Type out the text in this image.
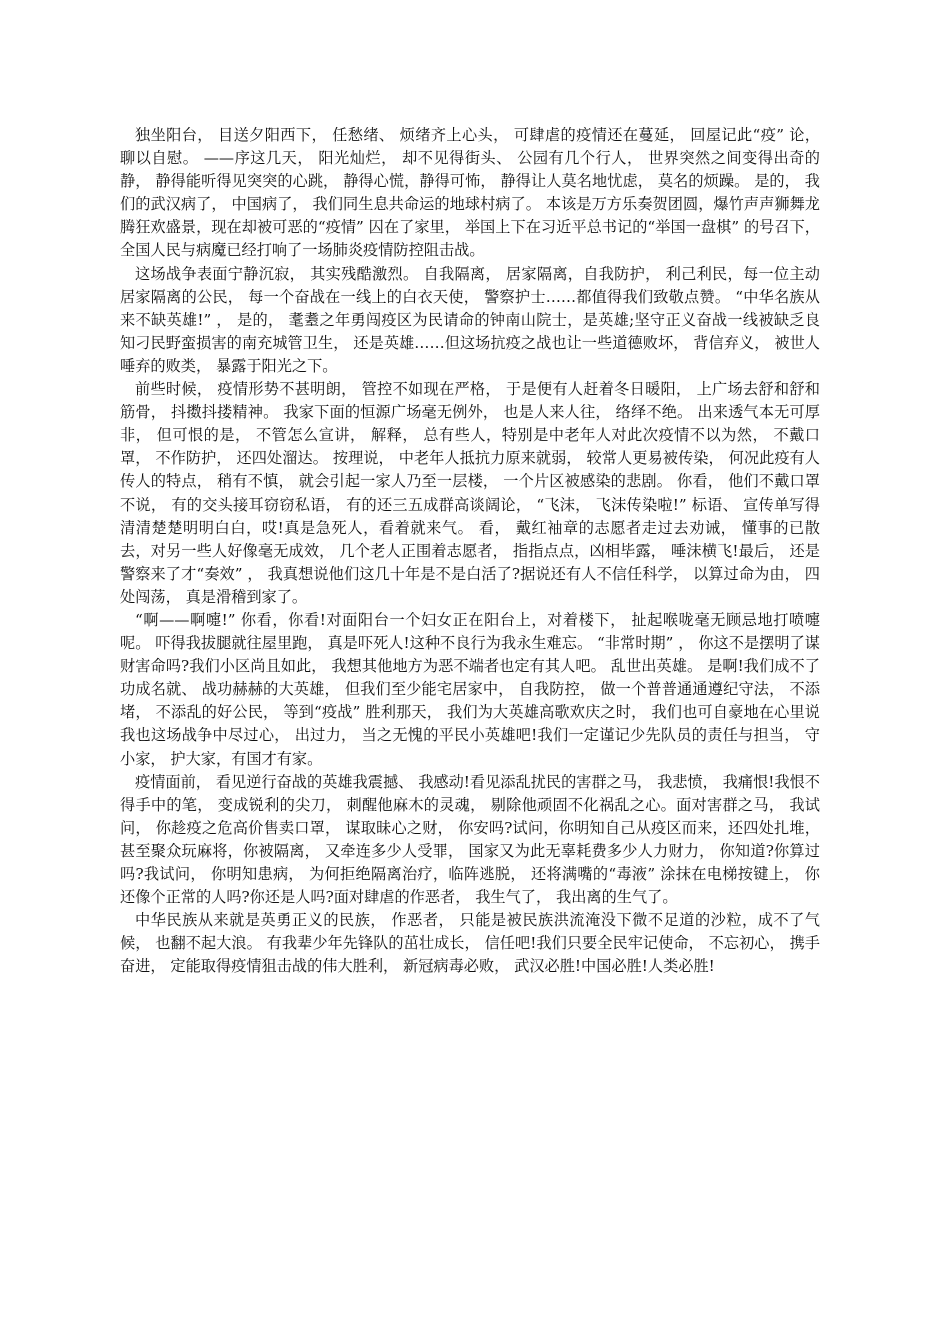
独坐阳台， 目送夕阳西下， 任愁绪、 烦绪齐上心头， 可肆虐的疫情还在蔓延， 回屋记此“疫” 论， 聊以自慰。 ——序这几天， 阳光灿烂， 却不见得街头、 公园有几个行人， 世界突然之间变得出奇的静， 静得能听得见突突的心跳， 静得心慌，静得可怖， 静得让人莫名地忧虑， 莫名的烦躁。 是的， 我们的武汉病了， 中国病了， 我们同生息共命运的地球村病了。 本该是万方乐奏贺团圆，爆竹声声狮舞龙腾狂欢盛景，现在却被可恶的“疫情” 囚在了家里， 举国上下在习近平总书记的“举国一盘棋” 的号召下， 全国人民与病魔已经打响了一场肺炎疫情防控阻击战。

这场战争表面宁静沉寂， 其实残酷激烈。 自我隔离， 居家隔离，自我防护， 利己利民，每一位主动居家隔离的公民， 每一个奋战在一线上的白衣天使， 警察护士……都值得我们致敬点赞。 “中华名族从来不缺英雄!” ， 是的， 耄耋之年勇闯疫区为民请命的钟南山院士，是英雄;坚守正义奋战一线被缺乏良知刁民野蛮损害的南充城管卫生， 还是英雄……但这场抗疫之战也让一些道德败坏， 背信弃义， 被世人唾弃的败类， 暴露于阳光之下。

前些时候， 疫情形势不甚明朗， 管控不如现在严格， 于是便有人赶着冬日暖阳， 上广场去舒和舒和筋骨， 抖擞抖搂精神。 我家下面的恒源广场毫无例外， 也是人来人往， 络绎不绝。 出来透气本无可厚非， 但可恨的是， 不管怎么宣讲， 解释， 总有些人，特别是中老年人对此次疫情不以为然， 不戴口罩， 不作防护， 还四处溜达。 按理说， 中老年人抵抗力原来就弱， 较常人更易被传染， 何况此疫有人传人的特点， 稍有不慎， 就会引起一家人乃至一层楼， 一个片区被感染的悲剧。 你看， 他们不戴口罩不说， 有的交头接耳窃窃私语， 有的还三五成群高谈阔论， “飞沫， 飞沫传染啦!” 标语、 宣传单写得清清楚楚明明白白，哎!真是急死人，看着就来气。 看， 戴红袖章的志愿者走过去劝诫， 懂事的已散去，对另一些人好像毫无成效， 几个老人正围着志愿者， 指指点点，凶相毕露， 唾沫横飞!最后， 还是警察来了才“奏效” ， 我真想说他们这几十年是不是白活了?据说还有人不信任科学， 以算过命为由， 四处闯荡， 真是滑稽到家了。

“啊——啊嚏!” 你看，你看!对面阳台一个妇女正在阳台上，对着楼下， 扯起喉咙毫无顾忌地打喷嚏呢。 吓得我拔腿就往屋里跑， 真是吓死人!这种不良行为我永生难忘。 “非常时期” ， 你这不是摆明了谋财害命吗?我们小区尚且如此， 我想其他地方为恶不端者也定有其人吧。 乱世出英雄。 是啊!我们成不了功成名就、 战功赫赫的大英雄， 但我们至少能宅居家中， 自我防控， 做一个普普通通遵纪守法， 不添堵， 不添乱的好公民， 等到“疫战” 胜利那天， 我们为大英雄高歌欢庆之时， 我们也可自豪地在心里说我也这场战争中尽过心， 出过力， 当之无愧的平民小英雄吧!我们一定谨记少先队员的责任与担当， 守小家， 护大家，有国才有家。

疫情面前， 看见逆行奋战的英雄我震撼、 我感动!看见添乱扰民的害群之马， 我悲愤， 我痛恨!我恨不得手中的笔， 变成锐利的尖刀， 刺醒他麻木的灵魂， 剔除他顽固不化祸乱之心。面对害群之马， 我试问， 你趁疫之危高价售卖口罩， 谋取昧心之财， 你安吗?试问，你明知自己从疫区而来，还四处扎堆，甚至聚众玩麻将，你被隔离， 又牵连多少人受罪， 国家又为此无辜耗费多少人力财力， 你知道?你算过吗?我试问， 你明知患病， 为何拒绝隔离治疗，临阵逃脱， 还将满嘴的“毒液” 涂抹在电梯按键上， 你还像个正常的人吗?你还是人吗?面对肆虐的作恶者， 我生气了， 我出离的生气了。

中华民族从来就是英勇正义的民族， 作恶者， 只能是被民族洪流淹没下微不足道的沙粒，成不了气候， 也翻不起大浪。 有我辈少年先锋队的茁壮成长， 信任吧!我们只要全民牢记使命， 不忘初心， 携手奋进， 定能取得疫情狙击战的伟大胜利， 新冠病毒必败， 武汉必胜!中国必胜!人类必胜!
